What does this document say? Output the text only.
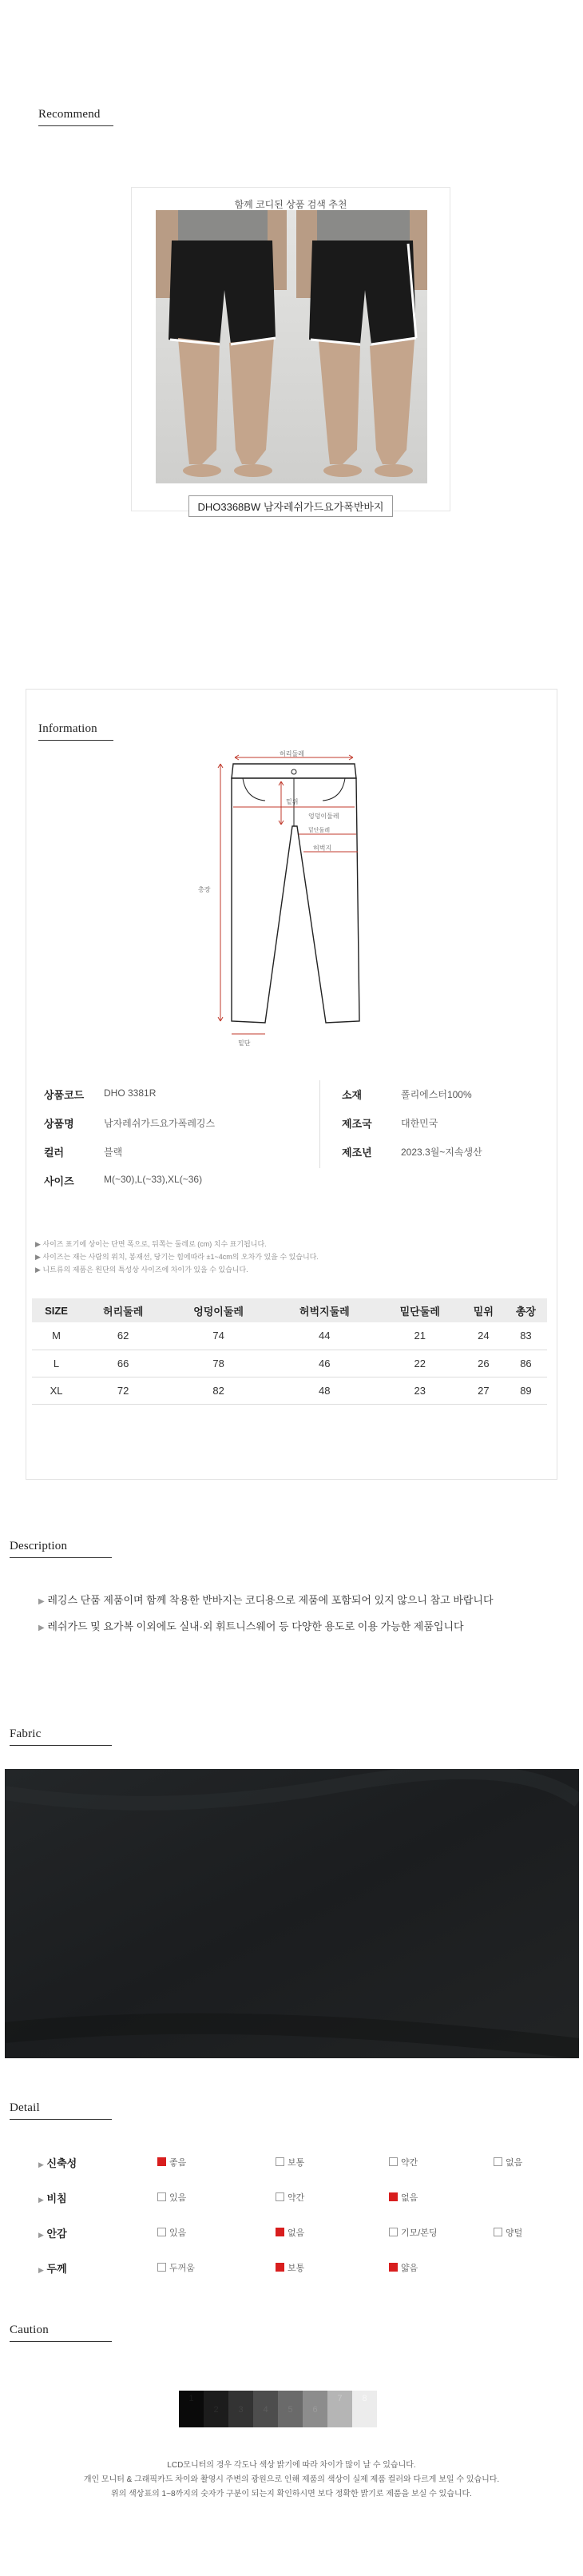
Recommend
함께 코디된 상품 검색 추천
DHO3368BW 남자레쉬가드요가폭반바지
Information
허리둘레
총장
밑위
엉덩이둘레
밑단둘레
허벅지
밑단
상품코드 DHO 3381R
상품명	남자레쉬가드요가폭레깅스
컬러	블랙
사이즈	M(~30),L(~33),XL(~36)
소재	폴리에스터100%
제조국	대한민국
제조년	2023.3월~지속생산
▶ 사이즈 표기에 상이는 단면 폭으로, 뒤쪽는 둘레로 (cm) 치수 표기됩니다.
▶ 사이즈는 재는 사람의 위치, 봉재선, 당기는 힘에따라 ±1~4cm의 오차가 있을 수 있습니다.
▶ 니트류의 제품은 원단의 특성상 사이즈에 차이가 있을 수 있습니다.
SIZE	허리둘레	엉덩이둘레	허벅지둘레	밑단둘레	밑위	총장
M	62	74	44	21	24	83
L	66	78	46	22	26	86
XL	72	82	48	23	27	89
Description
▶ 레깅스 단품 제품이며 함께 착용한 반바지는 코디용으로 제품에 포함되어 있지 않으니 참고 바랍니다
▶ 레쉬가드 및 요가복 이외에도 실내·외 휘트니스웨어 등 다양한 용도로 이용 가능한 제품입니다
Fabric
Detail
▶ 신축성	좋음	보통	약간	없음
▶ 비침	있음	약간	없음
▶ 안감	있음	없음	기모/본딩	양털
▶ 두께	두꺼움	보통	얇음
Caution
1
2	3	4	5	6
7	8
LCD모니터의 경우 각도나 색상 밝기에 따라 차이가 많이 날 수 있습니다.
개인 모니터 & 그래픽카드 차이와 촬영시 주변의 광원으로 인해 제품의 색상이 실제 제품 컬러와 다르게 보일 수 있습니다.
위의 색상표의 1~8까지의 숫자가 구분이 되는지 확인하시면 보다 정확한 밝기로 제품을 보실 수 있습니다.
